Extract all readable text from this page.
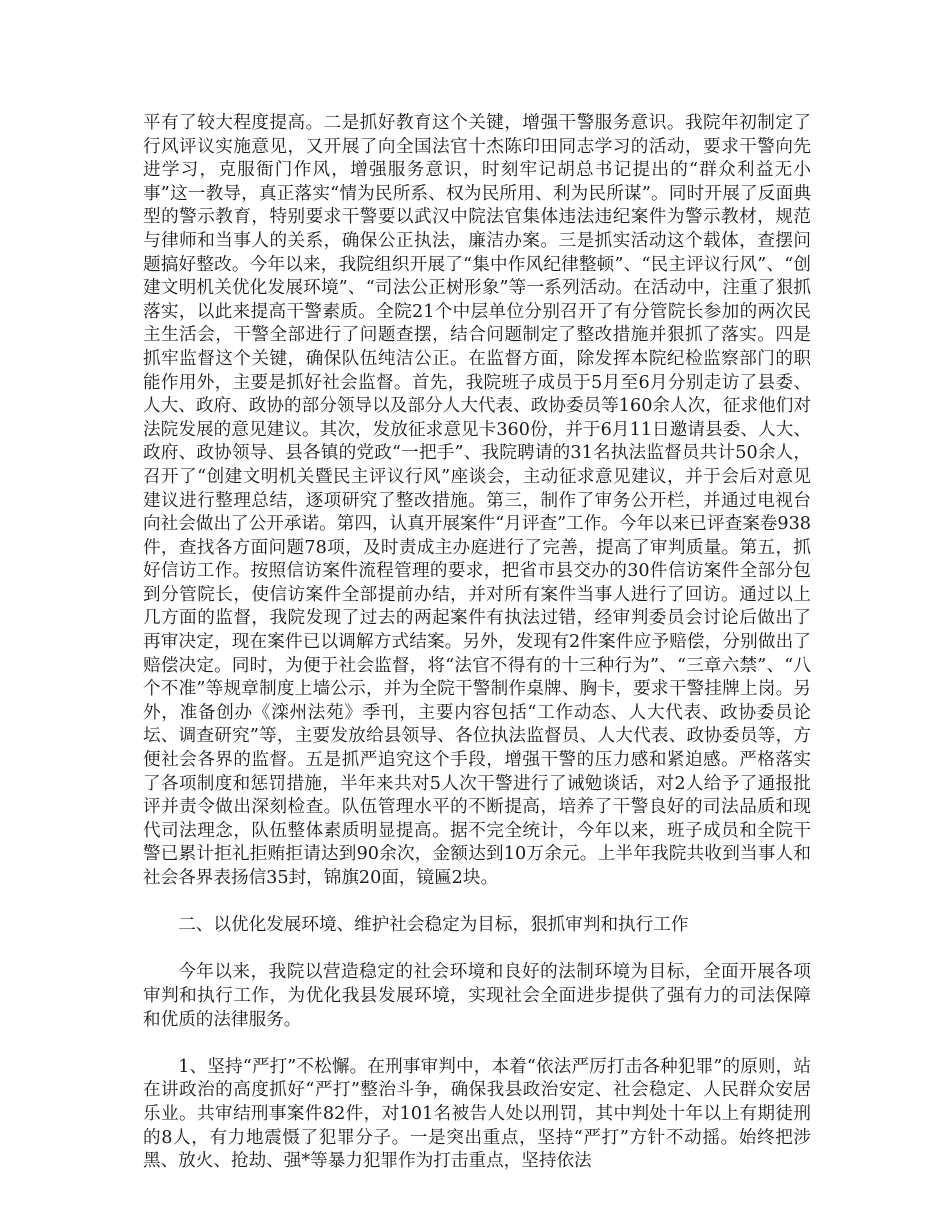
平有了较大程度提高。二是抓好教育这个关键，增强干警服务意识。我院年初制定了行风评议实施意见，又开展了向全国法官十杰陈印田同志学习的活动，要求干警向先进学习，克服衙门作风，增强服务意识，时刻牢记胡总书记提出的“群众利益无小事”这一教导，真正落实“情为民所系、权为民所用、利为民所谋”。同时开展了反面典型的警示教育，特别要求干警要以武汉中院法官集体违法违纪案件为警示教材，规范与律师和当事人的关系，确保公正执法，廉洁办案。三是抓实活动这个载体，查摆问题搞好整改。今年以来，我院组织开展了“集中作风纪律整顿”、“民主评议行风”、“创建文明机关优化发展环境”、“司法公正树形象”等一系列活动。在活动中，注重了狠抓落实，以此来提高干警素质。全院21个中层单位分别召开了有分管院长参加的两次民主生活会，干警全部进行了问题查摆，结合问题制定了整改措施并狠抓了落实。四是抓牢监督这个关键，确保队伍纯洁公正。在监督方面，除发挥本院纪检监察部门的职能作用外，主要是抓好社会监督。首先，我院班子成员于5月至6月分别走访了县委、人大、政府、政协的部分领导以及部分人大代表、政协委员等160余人次，征求他们对法院发展的意见建议。其次，发放征求意见卡360份，并于6月11日邀请县委、人大、政府、政协领导、县各镇的党政“一把手”、我院聘请的31名执法监督员共计50余人，召开了“创建文明机关暨民主评议行风”座谈会，主动征求意见建议，并于会后对意见建议进行整理总结，逐项研究了整改措施。第三，制作了审务公开栏，并通过电视台向社会做出了公开承诺。第四，认真开展案件“月评查”工作。今年以来已评查案卷938件，查找各方面问题78项，及时责成主办庭进行了完善，提高了审判质量。第五，抓好信访工作。按照信访案件流程管理的要求，把省市县交办的30件信访案件全部分包到分管院长，使信访案件全部提前办结，并对所有案件当事人进行了回访。通过以上几方面的监督，我院发现了过去的两起案件有执法过错，经审判委员会讨论后做出了再审决定，现在案件已以调解方式结案。另外，发现有2件案件应予赔偿，分别做出了赔偿决定。同时，为便于社会监督，将“法官不得有的十三种行为”、“三章六禁”、“八个不准”等规章制度上墙公示，并为全院干警制作桌牌、胸卡，要求干警挂牌上岗。另外，准备创办《滦州法苑》季刊，主要内容包括“工作动态、人大代表、政协委员论坛、调查研究”等，主要发放给县领导、各位执法监督员、人大代表、政协委员等，方便社会各界的监督。五是抓严追究这个手段，增强干警的压力感和紧迫感。严格落实了各项制度和惩罚措施，半年来共对5人次干警进行了诫勉谈话，对2人给予了通报批评并责令做出深刻检查。队伍管理水平的不断提高，培养了干警良好的司法品质和现代司法理念，队伍整体素质明显提高。据不完全统计，今年以来，班子成员和全院干警已累计拒礼拒贿拒请达到90余次，金额达到10万余元。上半年我院共收到当事人和社会各界表扬信35封，锦旗20面，镜匾2块。

二、以优化发展环境、维护社会稳定为目标，狠抓审判和执行工作

今年以来，我院以营造稳定的社会环境和良好的法制环境为目标，全面开展各项审判和执行工作，为优化我县发展环境，实现社会全面进步提供了强有力的司法保障和优质的法律服务。

1、坚持“严打”不松懈。在刑事审判中，本着“依法严厉打击各种犯罪”的原则，站在讲政治的高度抓好“严打”整治斗争，确保我县政治安定、社会稳定、人民群众安居乐业。共审结刑事案件82件，对101名被告人处以刑罚，其中判处十年以上有期徒刑的8人，有力地震慑了犯罪分子。一是突出重点，坚持“严打”方针不动摇。始终把涉黑、放火、抢劫、强*等暴力犯罪作为打击重点，坚持依法
